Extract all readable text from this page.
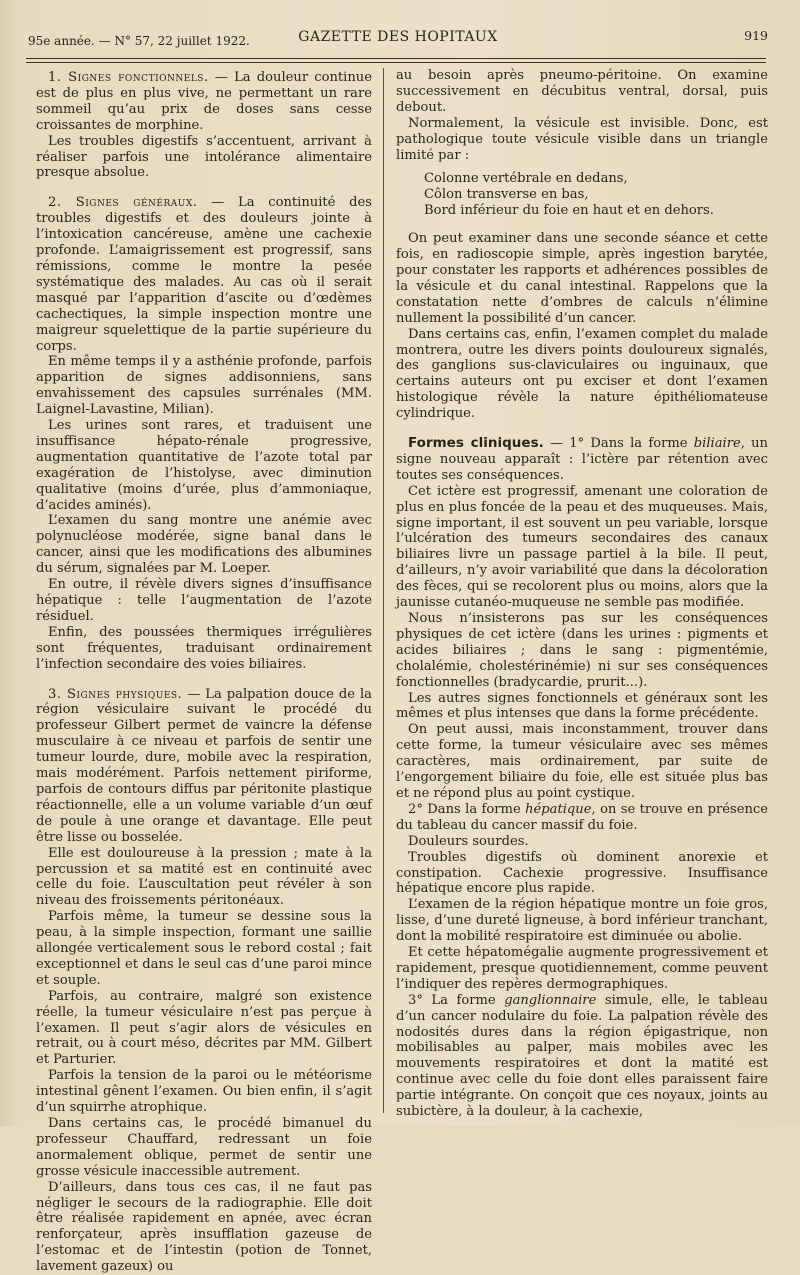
95e année. — N° 57, 22 juillet 1922.	GAZETTE DES HOPITAUX	919

1. Signes fonctionnels. — La douleur continue est de plus en plus vive, ne permettant un rare sommeil qu’au prix de doses sans cesse croissantes de morphine.

Les troubles digestifs s’accentuent, arrivant à réaliser parfois une intolérance alimentaire presque absolue.

2. Signes généraux. — La continuité des troubles digestifs et des douleurs jointe à l’intoxication cancéreuse, amène une cachexie profonde. L’amaigrissement est progressif, sans rémissions, comme le montre la pesée systématique des malades. Au cas où il serait masqué par l’apparition d’ascite ou d’œdèmes cachectiques, la simple inspection montre une maigreur squelettique de la partie supérieure du corps.

En même temps il y a asthénie profonde, parfois apparition de signes addisonniens, sans envahissement des capsules surrénales (MM. Laignel-Lavastine, Milian).

Les urines sont rares, et traduisent une insuffisance hépato-rénale progressive, augmentation quantitative de l’azote total par exagération de l’histolyse, avec diminution qualitative (moins d’urée, plus d’ammoniaque, d’acides aminés).

L’examen du sang montre une anémie avec polynucléose modérée, signe banal dans le cancer, ainsi que les modifications des albumines du sérum, signalées par M. Loeper.

En outre, il révèle divers signes d’insuffisance hépatique : telle l’augmentation de l’azote résiduel.

Enfin, des poussées thermiques irrégulières sont fréquentes, traduisant ordinairement l’infection secondaire des voies biliaires.

3. Signes physiques. — La palpation douce de la région vésiculaire suivant le procédé du professeur Gilbert permet de vaincre la défense musculaire à ce niveau et parfois de sentir une tumeur lourde, dure, mobile avec la respiration, mais modérément. Parfois nettement piriforme, parfois de contours diffus par péritonite plastique réactionnelle, elle a un volume variable d’un œuf de poule à une orange et davantage. Elle peut être lisse ou bosselée.

Elle est douloureuse à la pression ; mate à la percussion et sa matité est en continuité avec celle du foie. L’auscultation peut révéler à son niveau des froissements péritonéaux.

Parfois même, la tumeur se dessine sous la peau, à la simple inspection, formant une saillie allongée verticalement sous le rebord costal ; fait exceptionnel et dans le seul cas d’une paroi mince et souple.

Parfois, au contraire, malgré son existence réelle, la tumeur vésiculaire n’est pas perçue à l’examen. Il peut s’agir alors de vésicules en retrait, ou à court méso, décrites par MM. Gilbert et Parturier.

Parfois la tension de la paroi ou le météorisme intestinal gênent l’examen. Ou bien enfin, il s’agit d’un squirrhe atrophique.

Dans certains cas, le procédé bimanuel du professeur Chauffard, redressant un foie anormalement oblique, permet de sentir une grosse vésicule inaccessible autrement.

D’ailleurs, dans tous ces cas, il ne faut pas négliger le secours de la radiographie. Elle doit être réalisée rapidement en apnée, avec écran renforçateur, après insufflation gazeuse de l’estomac et de l’intestin (potion de Tonnet, lavement gazeux) ou

au besoin après pneumo-péritoine. On examine successivement en décubitus ventral, dorsal, puis debout.

Normalement, la vésicule est invisible. Donc, est pathologique toute vésicule visible dans un triangle limité par :

Colonne vertébrale en dedans,

Côlon transverse en bas,

Bord inférieur du foie en haut et en dehors.

On peut examiner dans une seconde séance et cette fois, en radioscopie simple, après ingestion barytée, pour constater les rapports et adhérences possibles de la vésicule et du canal intestinal. Rappelons que la constatation nette d’ombres de calculs n’élimine nullement la possibilité d’un cancer.

Dans certains cas, enfin, l’examen complet du malade montrera, outre les divers points douloureux signalés, des ganglions sus-claviculaires ou inguinaux, que certains auteurs ont pu exciser et dont l’examen histologique révèle la nature épithéliomateuse cylindrique.

Formes cliniques. — 1° Dans la forme biliaire, un signe nouveau apparaît : l’ictère par rétention avec toutes ses conséquences.

Cet ictère est progressif, amenant une coloration de plus en plus foncée de la peau et des muqueuses. Mais, signe important, il est souvent un peu variable, lorsque l’ulcération des tumeurs secondaires des canaux biliaires livre un passage partiel à la bile. Il peut, d’ailleurs, n’y avoir variabilité que dans la décoloration des fèces, qui se recolorent plus ou moins, alors que la jaunisse cutanéo-muqueuse ne semble pas modifiée.

Nous n’insisterons pas sur les conséquences physiques de cet ictère (dans les urines : pigments et acides biliaires ; dans le sang : pigmentémie, cholalémie, cholestérinémie) ni sur ses conséquences fonctionnelles (bradycardie, prurit...).

Les autres signes fonctionnels et généraux sont les mêmes et plus intenses que dans la forme précédente.

On peut aussi, mais inconstamment, trouver dans cette forme, la tumeur vésiculaire avec ses mêmes caractères, mais ordinairement, par suite de l’engorgement biliaire du foie, elle est située plus bas et ne répond plus au point cystique.

2° Dans la forme hépatique, on se trouve en présence du tableau du cancer massif du foie.

Douleurs sourdes.

Troubles digestifs où dominent anorexie et constipation. Cachexie progressive. Insuffisance hépatique encore plus rapide.

L’examen de la région hépatique montre un foie gros, lisse, d’une dureté ligneuse, à bord inférieur tranchant, dont la mobilité respiratoire est diminuée ou abolie.

Et cette hépatomégalie augmente progressivement et rapidement, presque quotidiennement, comme peuvent l’indiquer des repères dermographiques.

3° La forme ganglionnaire simule, elle, le tableau d’un cancer nodulaire du foie. La palpation révèle des nodosités dures dans la région épigastrique, non mobilisables au palper, mais mobiles avec les mouvements respiratoires et dont la matité est continue avec celle du foie dont elles paraissent faire partie intégrante. On conçoit que ces noyaux, joints au subictère, à la douleur, à la cachexie,
